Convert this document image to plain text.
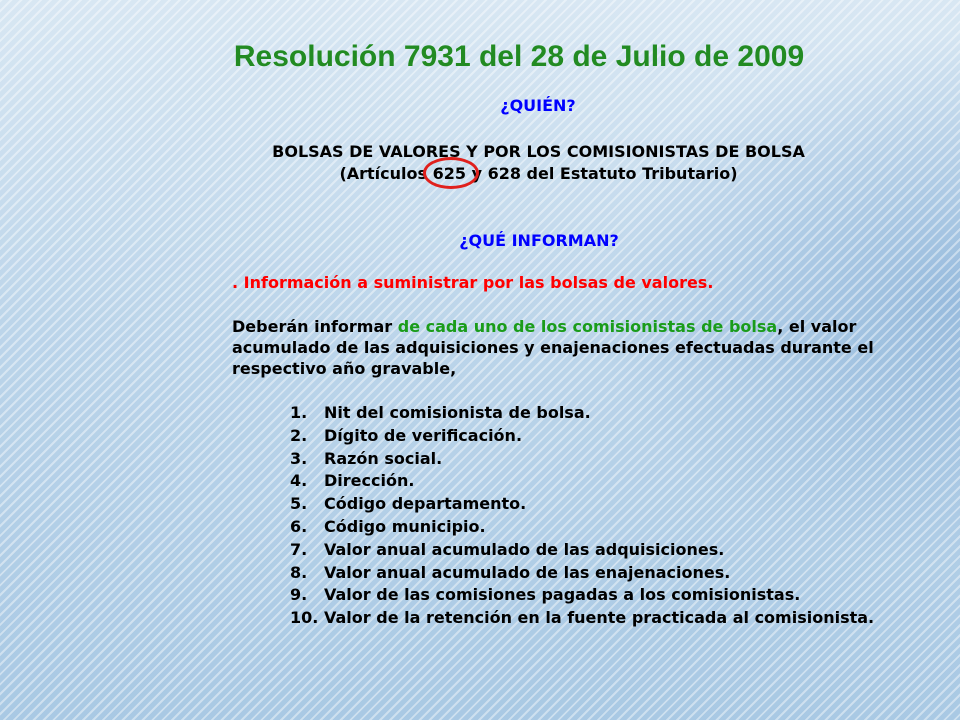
Resolución 7931 del 28 de Julio de 2009
¿QUIÉN?
BOLSAS DE VALORES Y POR LOS COMISIONISTAS DE BOLSA
(Artículos
625 y 628 del Estatuto Tributario)
¿QUÉ INFORMAN?
. Información a suministrar por las bolsas de valores.
Deberán informar de cada uno de los comisionistas de bolsa, el valor acumulado de las adquisiciones y enajenaciones efectuadas durante el respectivo año gravable,
1. Nit del comisionista de bolsa.
2. Dígito de verificación.
3. Razón social.
4. Dirección.
5. Código departamento.
6. Código municipio.
7. Valor anual acumulado de las adquisiciones.
8. Valor anual acumulado de las enajenaciones.
9. Valor de las comisiones pagadas a los comisionistas.
10. Valor de la retención en la fuente practicada al comisionista.
